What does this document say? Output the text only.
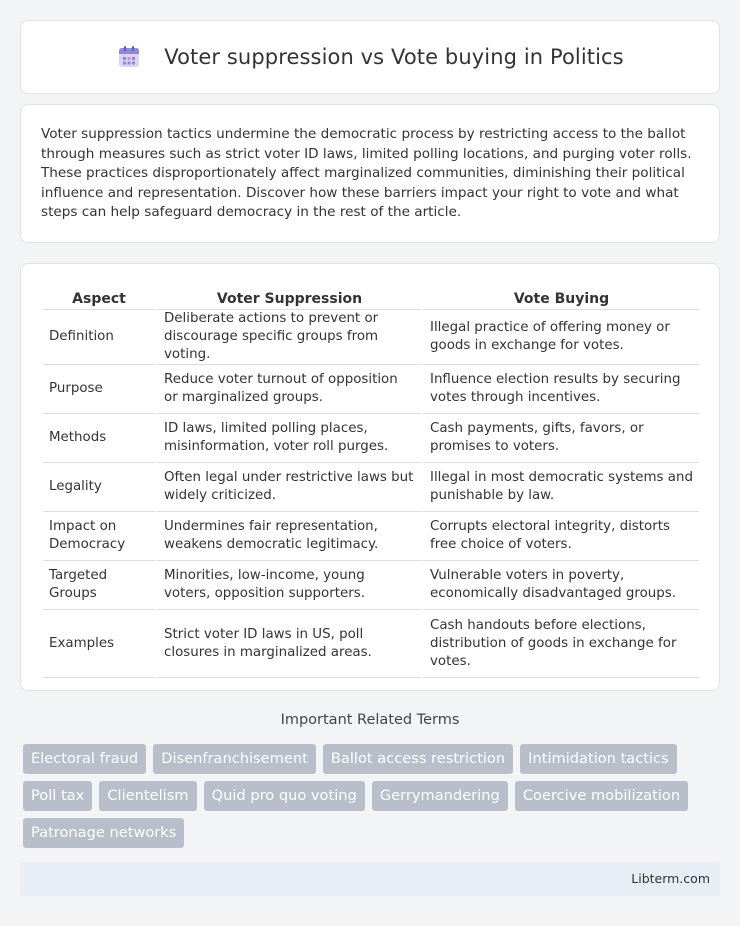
Voter suppression vs Vote buying in Politics

Voter suppression tactics undermine the democratic process by restricting access to the ballot through measures such as strict voter ID laws, limited polling locations, and purging voter rolls. These practices disproportionately affect marginalized communities, diminishing their political influence and representation. Discover how these barriers impact your right to vote and what steps can help safeguard democracy in the rest of the article.

Aspect	Voter Suppression	Vote Buying
Definition	Deliberate actions to prevent or discourage specific groups from voting.	Illegal practice of offering money or goods in exchange for votes.
Purpose	Reduce voter turnout of opposition or marginalized groups.	Influence election results by securing votes through incentives.
Methods	ID laws, limited polling places, misinformation, voter roll purges.	Cash payments, gifts, favors, or promises to voters.
Legality	Often legal under restrictive laws but widely criticized.	Illegal in most democratic systems and punishable by law.
Impact on Democracy	Undermines fair representation, weakens democratic legitimacy.	Corrupts electoral integrity, distorts free choice of voters.
Targeted Groups	Minorities, low-income, young voters, opposition supporters.	Vulnerable voters in poverty, economically disadvantaged groups.
Examples	Strict voter ID laws in US, poll closures in marginalized areas.	Cash handouts before elections, distribution of goods in exchange for votes.
Important Related Terms
Electoral fraud Disenfranchisement Ballot access restriction Intimidation tactics Poll tax Clientelism Quid pro quo voting Gerrymandering Coercive mobilization Patronage networks
Libterm.com
